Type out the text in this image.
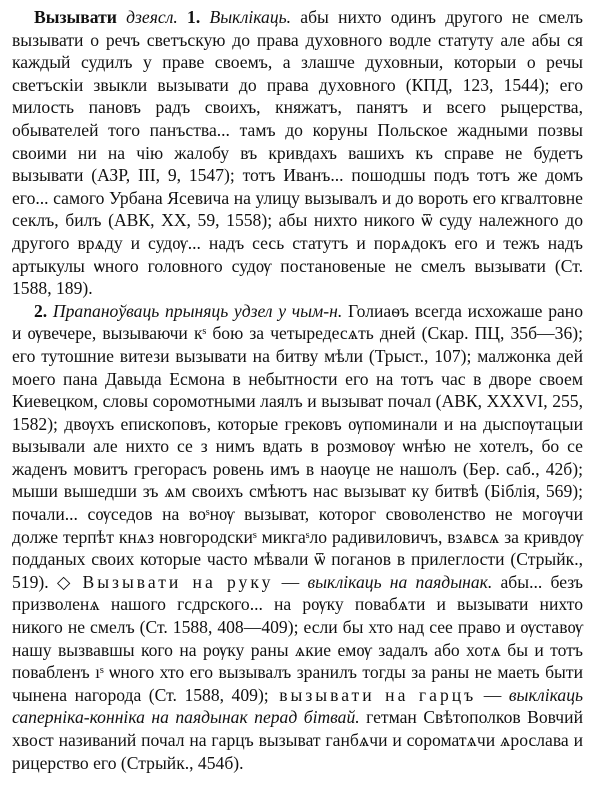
Вызывати дзеясл. 1. Выклікаць. абы нихто одинъ другого не смелъ вызывати о речъ светъскую до права духовного водле статуту але абы ся каждый судилъ у праве своемъ, а злашче духовныи, которыи о речы светъскіи звыкли вызывати до права духовного (КПД, 123, 1544); его милость пановъ радъ своихъ, княжатъ, панятъ и всего рыцерства, обывателей того панъства... тамъ до коруны Польское жадными позвы своими ни на чію жалобу въ кривдахъ вашихъ къ справе не будетъ вызывати (АЗР, III, 9, 1547); тотъ Иванъ... пошодшы подъ тотъ же домъ его... самого Урбана Ясевича на улицу вызывалъ и до вороть его кгвалтовне секлъ, билъ (АВК, XX, 59, 1558); абы нихто никого ѿ суду належного до другого врѧду и судѹ... надъ сесь статутъ и порѧдокъ его и тежъ надъ артыкулы ѡного головного судѹ постановеные не смелъ вызывати (Ст. 1588, 189).

2. Прапаноўваць прыняць удзел у чым-н. Голиаѳъ всегда исхожаше рано и ѹвечере, вызываючи кˢ бою за четыредесѧть дней (Скар. ПЦ, 35б—36); его тутошние витези вызывати на битву мѣли (Трыст., 107); малжонка дей моего пана Давыда Есмона в небытности его на тотъ час в дворе своем Киевецком, словы соромотными лаялъ и вызыват почал (АВК, XXXVI, 255, 1582); двѹхъ епископовъ, которые грековъ ѹпоминали и на дыспѹтацыи вызывали але нихто се з нимъ вдать в розмовѹ ѡнѣю не хотелъ, бо се жаденъ мовитъ грегорасъ ровень имъ в наѹце не нашолъ (Бер. саб., 42б); мыши вышедши зъ ѧм своихъ смѣютъ нас вызыват ку битвѣ (Біблія, 569); почали... сѹседов на воˢнѹ вызыват, которог своволенство не могѹчи долже терпѣт кнѧз новгородскиˢ микгаˢло радивиловичъ, взѧвсѧ за кривдѹ подданых своих которые часто мѣвали ѿ поганов в прилеглости (Стрыйк., 519). ◇ Вызывати на руку — выклікаць на паядынак. абы... безъ призволенѧ нашого гсдрского... на рѹку повабѧти и вызывати нихто никого не смелъ (Ст. 1588, 408—409); если бы хто над сее право и ѹставѹ нашу вызвавшы кого на рѹку раны ѧкие емѹ задалъ або хотѧ бы и тотъ повабленъ ıˢ ѡного хто его вызывалъ зранилъ тогды за раны не маеть быти чынена нагорода (Ст. 1588, 409); вызывати на гарцъ — выклікаць саперніка-конніка на паядынак перад бітвай. гетман Свѣтополков Вовчий хвост називаний почал на гарцъ вызыват ганбѧчи и сороматѧчи ѧрослава и рицерство его (Стрыйк., 454б).
